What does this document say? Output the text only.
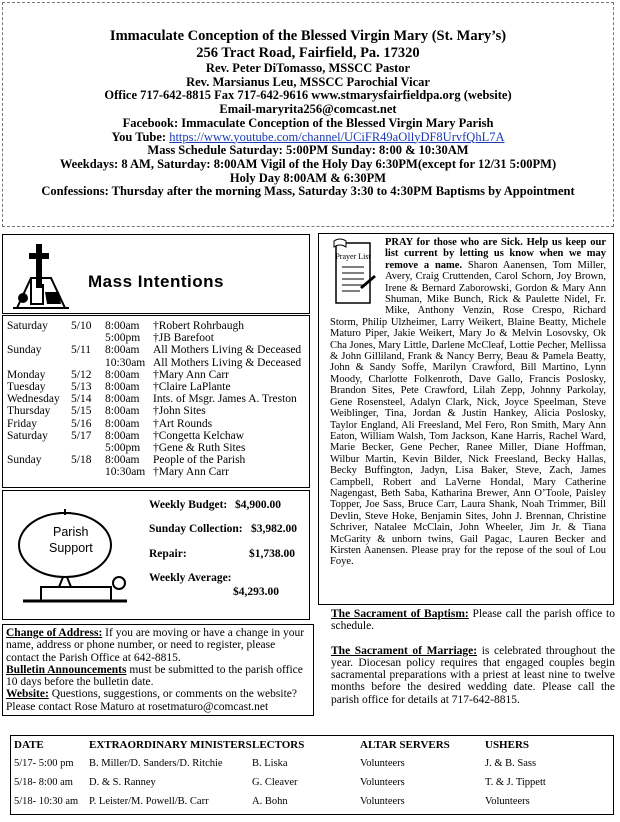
Immaculate Conception of the Blessed Virgin Mary (St. Mary’s)
256 Tract Road, Fairfield, Pa. 17320
Rev. Peter DiTomasso, MSSCC Pastor
Rev. Marsianus Leu, MSSCC Parochial Vicar
Office 717-642-8815 Fax 717-642-9616 www.stmarysfairfieldpa.org (website)
Email-maryrita256@comcast.net
Facebook: Immaculate Conception of the Blessed Virgin Mary Parish
You Tube: https://www.youtube.com/channel/UCiFR49aOllyDF8UrvfQhL7A
Mass Schedule Saturday: 5:00PM Sunday: 8:00 & 10:30AM
Weekdays: 8 AM, Saturday: 8:00AM Vigil of the Holy Day 6:30PM(except for 12/31 5:00PM)
Holy Day 8:00AM & 6:30PM
Confessions: Thursday after the morning Mass, Saturday 3:30 to 4:30PM Baptisms by Appointment
Mass Intentions
Saturday 5/10 8:00am †Robert Rohrbaugh
5:00pm †JB Barefoot
Sunday	5/11 8:00am All Mothers Living & Deceased
10:30am All Mothers Living & Deceased
Monday 5/12 8:00am †Mary Ann Carr
Tuesday 5/13 8:00am †Claire LaPlante
Wednesday 5/14 8:00am Ints. of Msgr. James A. Treston
Thursday 5/15 8:00am †John Sites
Friday	5/16 8:00am †Art Rounds
Saturday 5/17 8:00am †Congetta Kelchaw
5:00pm †Gene & Ruth Sites
Sunday	5/18 8:00am People of the Parish
10:30am †Mary Ann Carr
Parish
Support
Weekly Budget: $4,900.00
Sunday Collection: $3,982.00
Repair:	$1,738.00
Weekly Average:
$4,293.00
Prayer List
PRAY for those who are Sick. Help us keep our list current by letting us know when we may remove a name. Sharon Aanensen, Tom Miller, Avery, Craig Cruttenden, Carol Schorn, Joy Brown, Irene & Bernard Zaborowski, Gordon & Mary Ann Shuman, Mike Bunch, Rick & Paulette Nidel, Fr. Mike, Anthony Venzin, Rose Crespo, Richard Storm, Philip Ulzheimer, Larry Weikert, Blaine Beatty, Michele Maturo Piper, Jakie Weikert, Mary Jo & Melvin Losovsky, Ok Cha Jones, Mary Little, Darlene McCleaf, Lottie Pecher, Mellissa & John Gilliland, Frank & Nancy Berry, Beau & Pamela Beatty, John & Sandy Soffe, Marilyn Crawford, Bill Martino, Lynn Moody, Charlotte Folkenroth, Dave Gallo, Francis Poslosky, Brandon Sites, Pete Crawford, Lilah Zepp, Johnny Parkolay, Gene Rosensteel, Adalyn Clark, Nick, Joyce Speelman, Steve Weiblinger, Tina, Jordan & Justin Hankey, Alicia Poslosky, Taylor England, Ali Freesland, Mel Fero, Ron Smith, Mary Ann Eaton, William Walsh, Tom Jackson, Kane Harris, Rachel Ward, Marie Becker, Gene Pecher, Ranee Miller, Diane Hoffman, Wilbur Martin, Kevin Bilder, Nick Freesland, Becky Hallas, Becky Buffington, Jadyn, Lisa Baker, Steve, Zach, James Campbell, Robert and LaVerne Hondal, Mary Catherine Nagengast, Beth Saba, Katharina Brewer, Ann O’Toole, Paisley Topper, Joe Sass, Bruce Carr, Laura Shank, Noah Trimmer, Bill Devlin, Steve Hoke, Benjamin Sites, John J. Brennan, Christine Schriver, Natalee McClain, John Wheeler, Jim Jr. & Tiana McGarity & unborn twins, Gail Pagac, Lauren Becker and Kirsten Aanensen. Please pray for the repose of the soul of Lou Foye.
Change of Address: If you are moving or have a change in your name, address or phone number, or need to register, please contact the Parish Office at 642-8815.
Bulletin Announcements must be submitted to the parish office 10 days before the bulletin date.
Website: Questions, suggestions, or comments on the website? Please contact Rose Maturo at rosetmaturo@comcast.net
The Sacrament of Baptism: Please call the parish office to schedule.
The Sacrament of Marriage: is celebrated throughout the year. Diocesan policy requires that engaged couples begin sacramental preparations with a priest at least nine to twelve months before the desired wedding date. Please call the parish office for details at 717-642-8815.
DATE	EXTRAORDINARY MINISTERS LECTORS	ALTAR SERVERS	USHERS
5/17- 5:00 pm B. Miller/D. Sanders/D. Ritchie	B. Liska	Volunteers	J. & B. Sass
5/18- 8:00 am D. & S. Ranney	G. Cleaver	Volunteers	T. & J. Tippett
5/18- 10:30 am P. Leister/M. Powell/B. Carr	A. Bohn	Volunteers	Volunteers
